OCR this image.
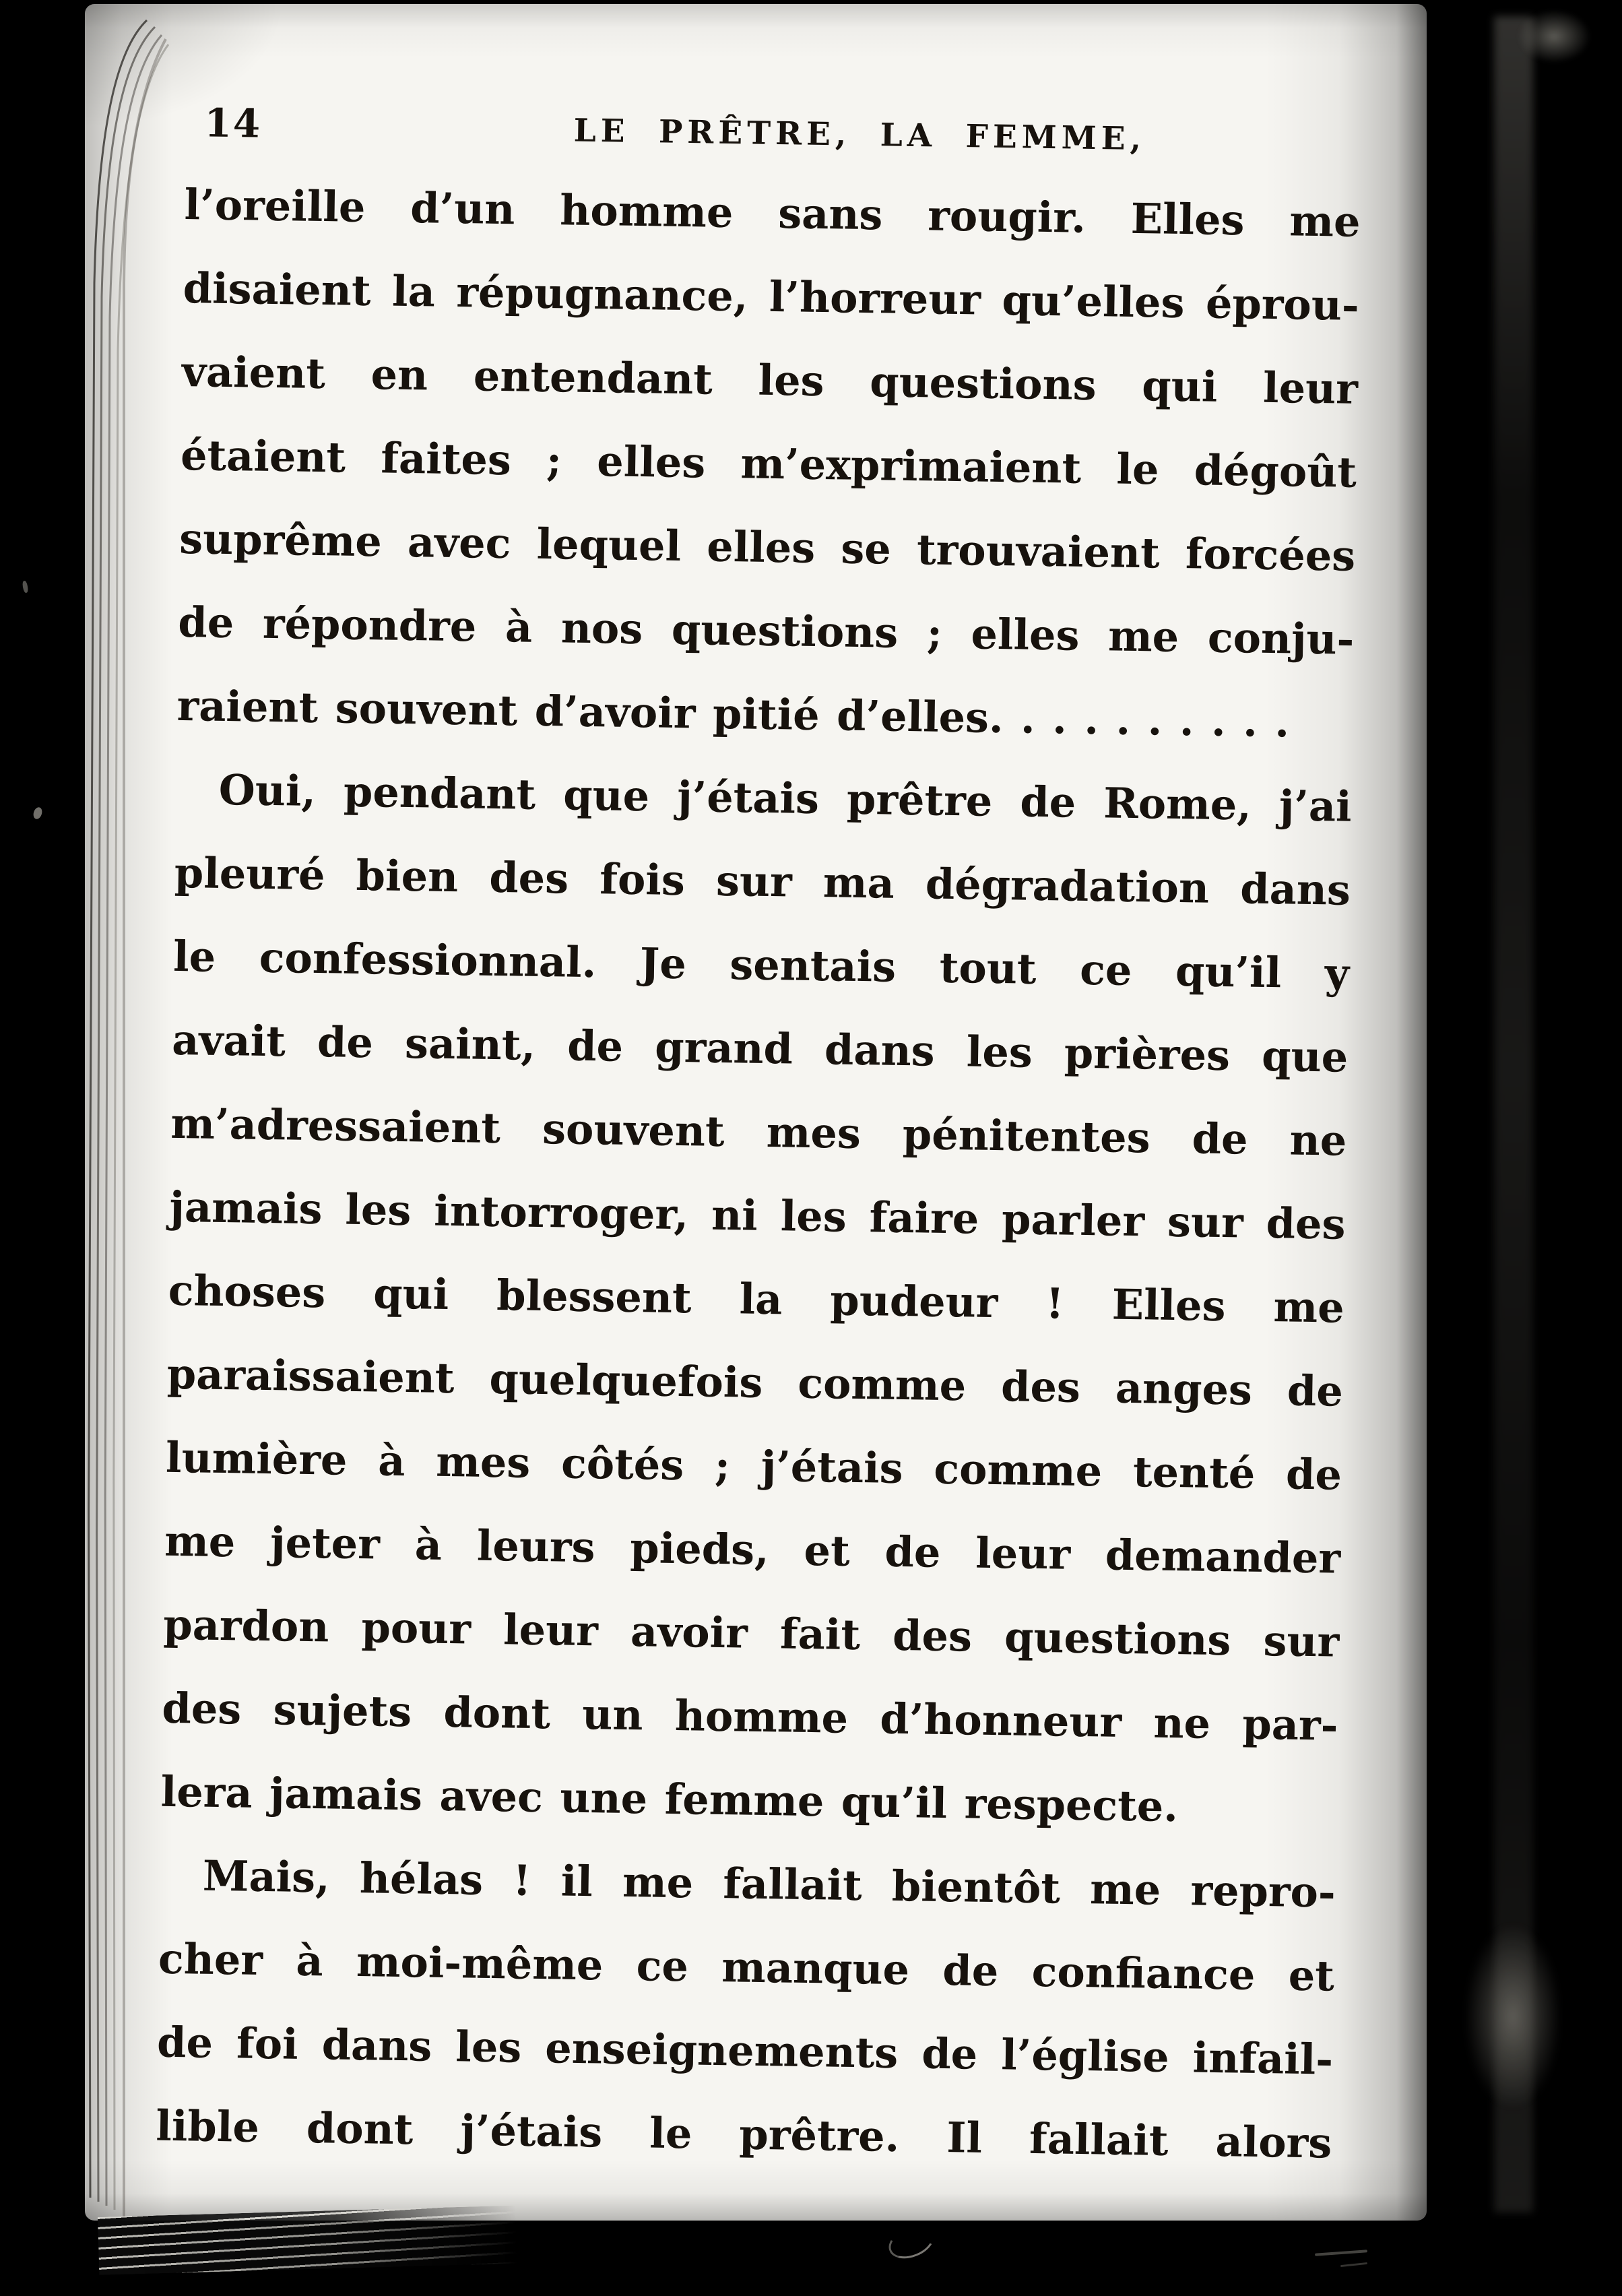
14	LE PRÊTRE, LA FEMME,
l’oreille d’un homme sans rougir. Elles me
disaient la répugnance, l’horreur qu’elles éprou-
vaient en entendant les questions qui leur
étaient faites ; elles m’exprimaient le dégoût
suprême avec lequel elles se trouvaient forcées
de répondre à nos questions ; elles me conju-
raient souvent d’avoir pitié d’elles. . . . . . . . . .
Oui, pendant que j’étais prêtre de Rome, j’ai
pleuré bien des fois sur ma dégradation dans
le confessionnal. Je sentais tout ce qu’il y
avait de saint, de grand dans les prières que
m’adressaient souvent mes pénitentes de ne
jamais les intorroger, ni les faire parler sur des
choses qui blessent la pudeur ! Elles me
paraissaient quelquefois comme des anges de
lumière à mes côtés ; j’étais comme tenté de
me jeter à leurs pieds, et de leur demander
pardon pour leur avoir fait des questions sur
des sujets dont un homme d’honneur ne par-
lera jamais avec une femme qu’il respecte.
Mais, hélas ! il me fallait bientôt me repro-
cher à moi-même ce manque de confiance et
de foi dans les enseignements de l’église infail-
lible dont j’étais le prêtre. Il fallait alors
